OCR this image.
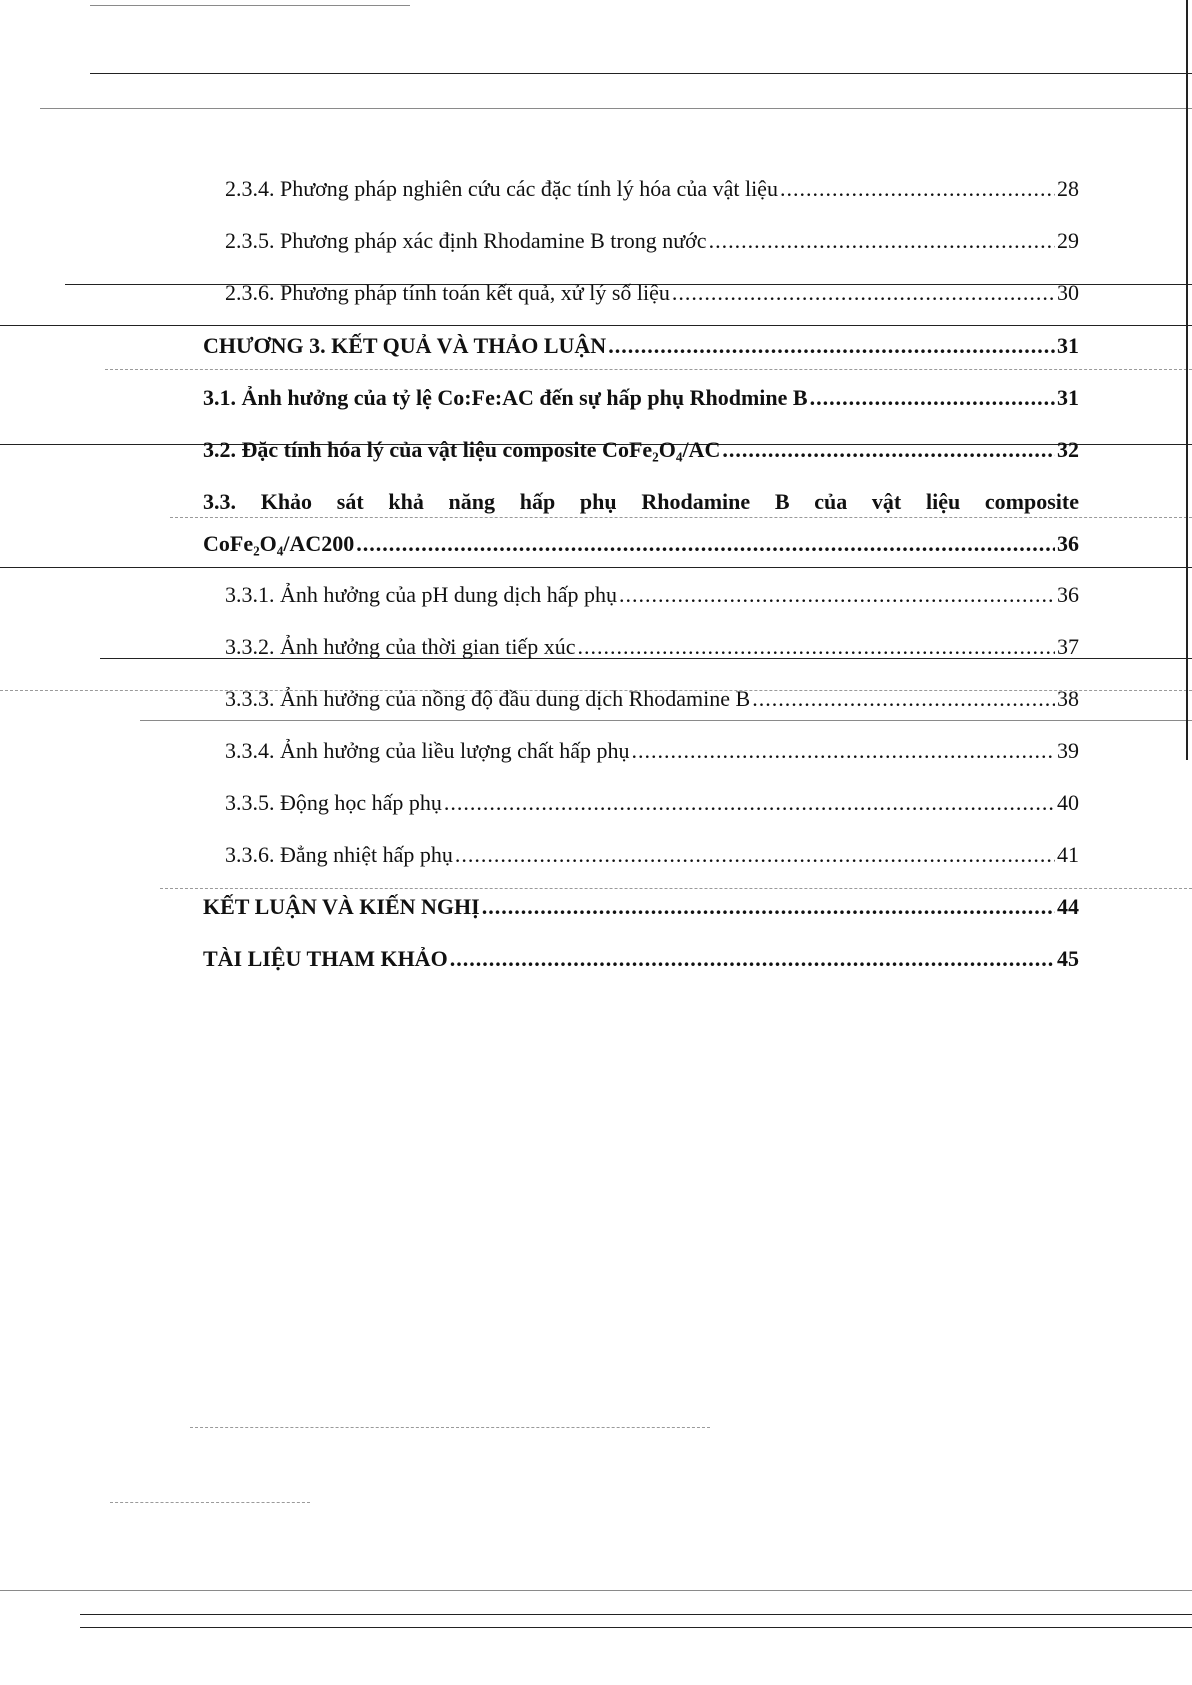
2.3.4. Phương pháp nghiên cứu các đặc tính lý hóa của vật liệu .....	28
2.3.5. Phương pháp xác định Rhodamine B trong nước .....	29
2.3.6. Phương pháp tính toán kết quả, xử lý số liệu .....	30
CHƯƠNG 3. KẾT QUẢ VÀ THẢO LUẬN .....	31
3.1. Ảnh hưởng của tỷ lệ Co:Fe:AC đến sự hấp phụ Rhodmine B .....	31
3.2. Đặc tính hóa lý của vật liệu composite CoFe₂O₄/AC .....	32
3.3. Khảo sát khả năng hấp phụ Rhodamine B của vật liệu composite
CoFe₂O₄/AC200 .....	36
3.3.1. Ảnh hưởng của pH dung dịch hấp phụ .....	36
3.3.2. Ảnh hưởng của thời gian tiếp xúc .....	37
3.3.3. Ảnh hưởng của nồng độ đầu dung dịch Rhodamine B .....	38
3.3.4. Ảnh hưởng của liều lượng chất hấp phụ .....	39
3.3.5. Động học hấp phụ .....	40
3.3.6. Đẳng nhiệt hấp phụ .....	41
KẾT LUẬN VÀ KIẾN NGHỊ .....	44
TÀI LIỆU THAM KHẢO .....	45
